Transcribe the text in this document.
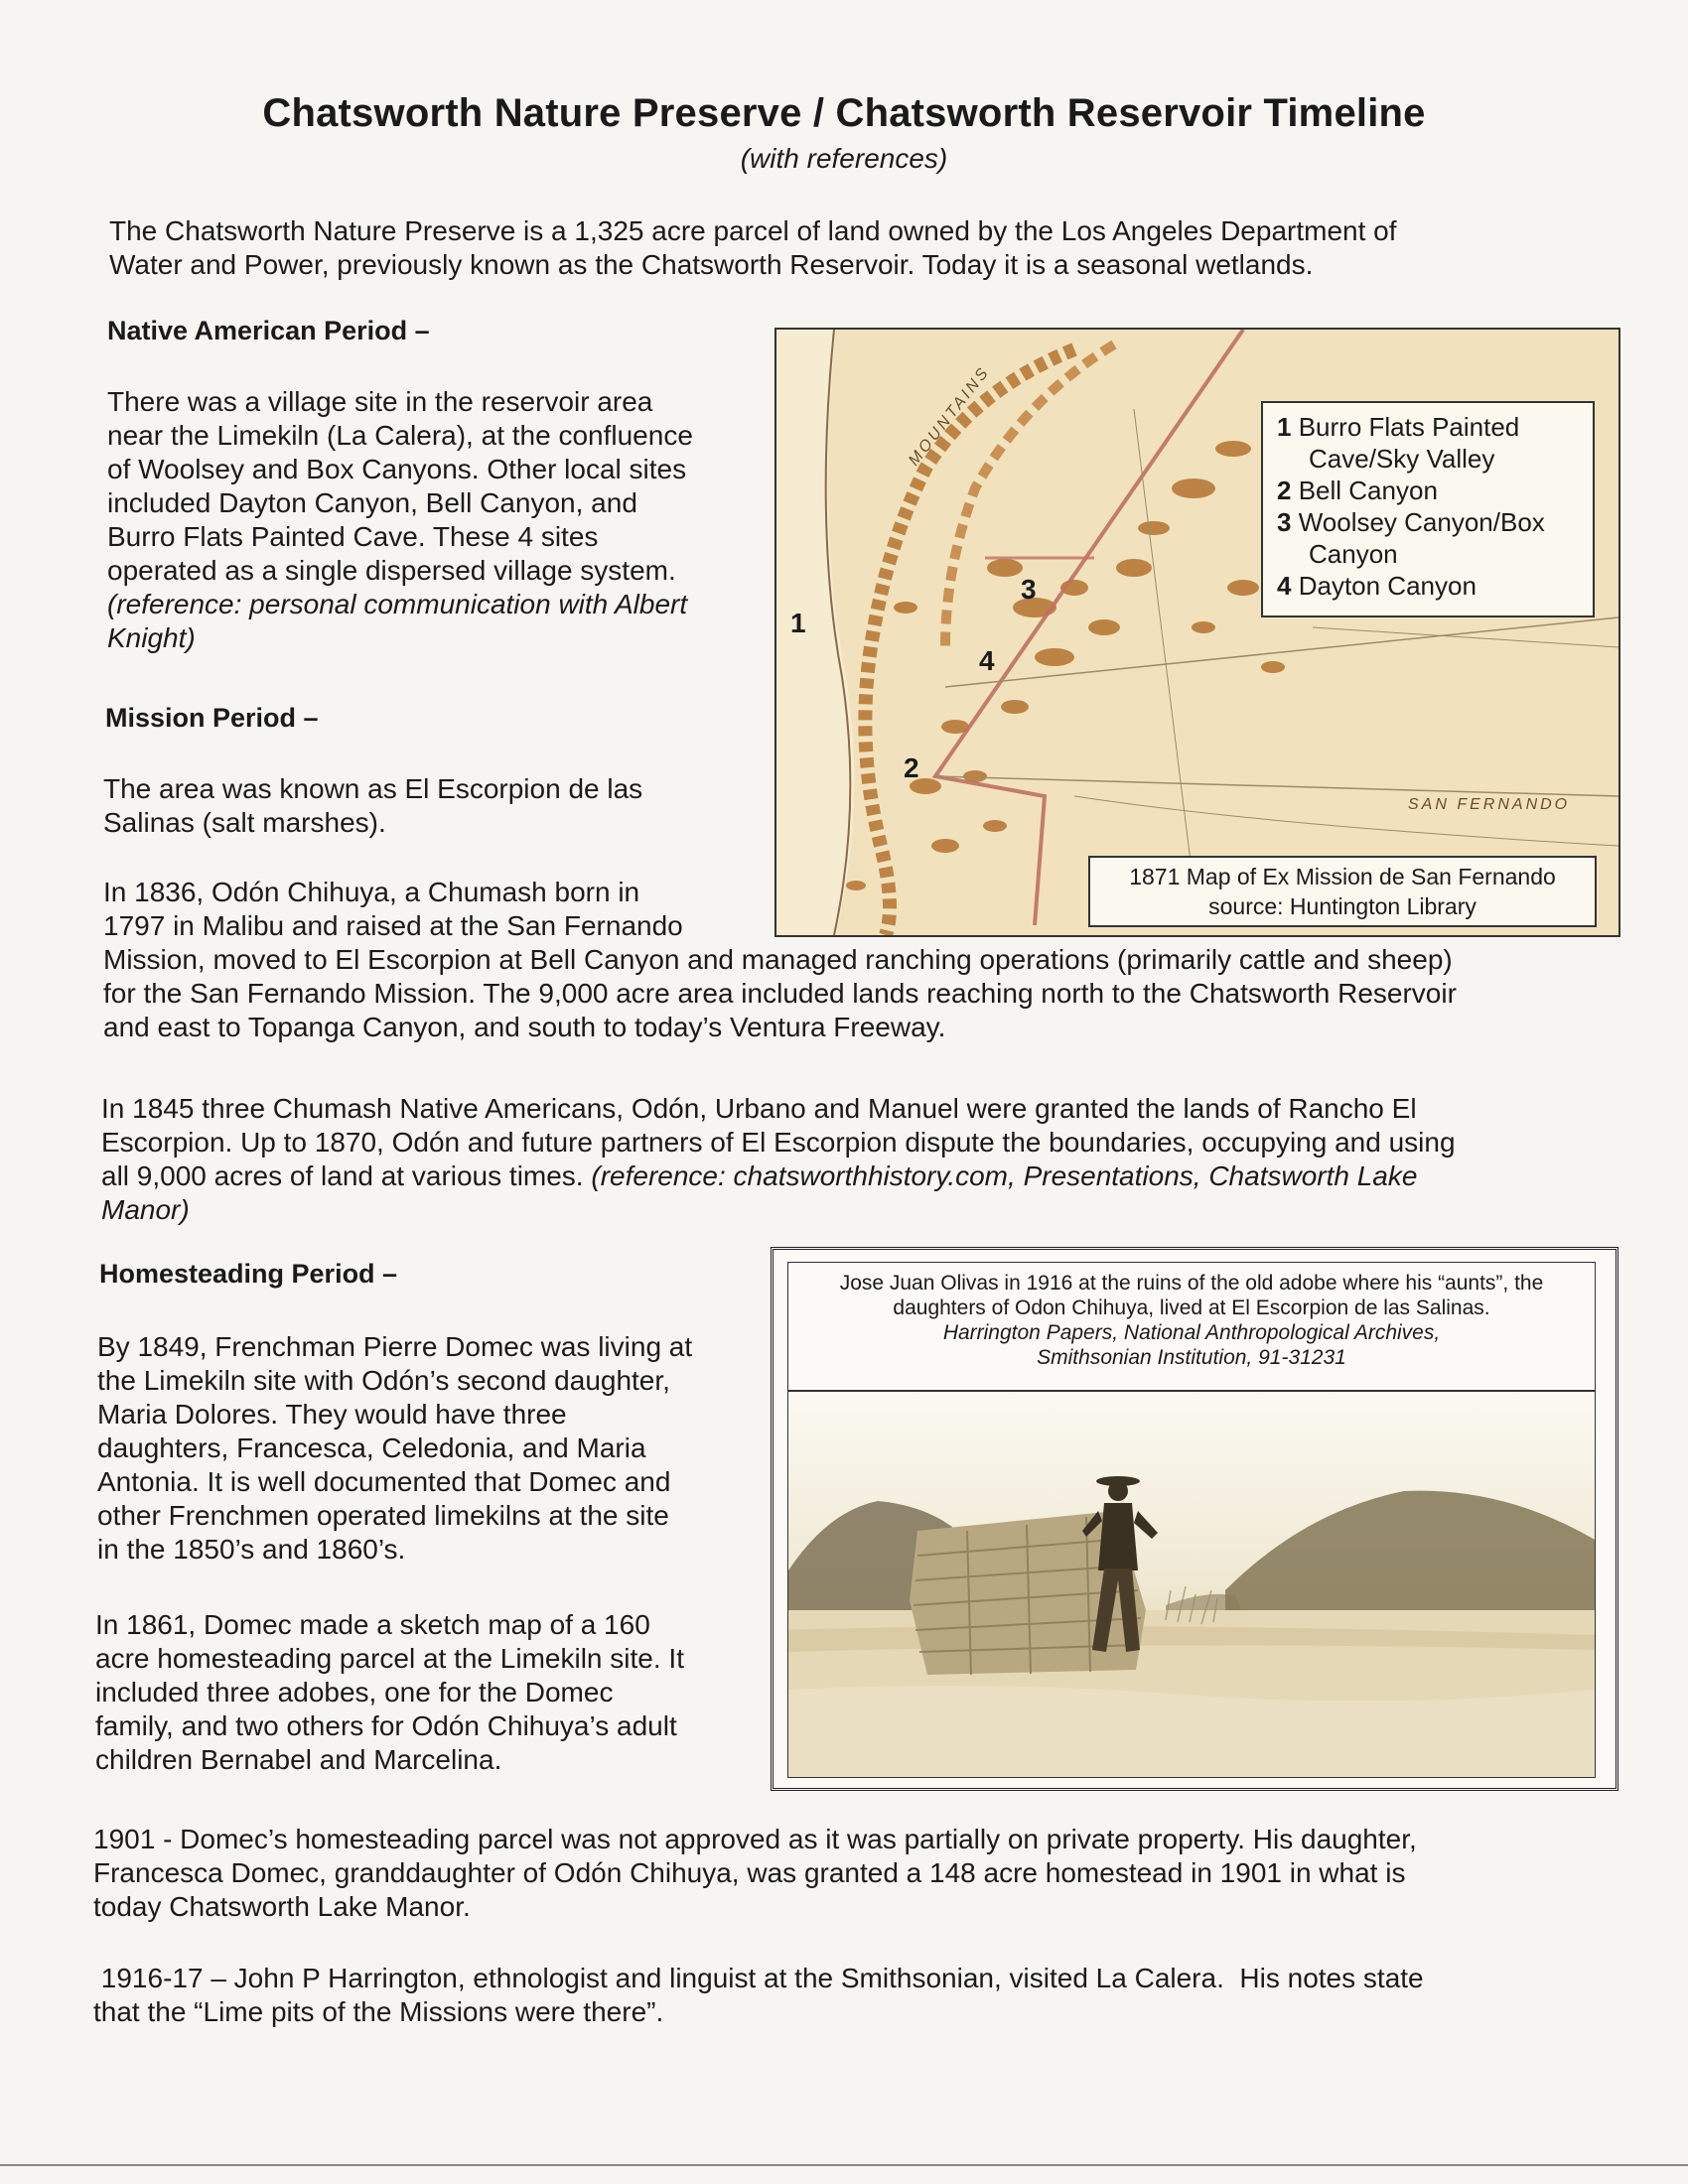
Chatsworth Nature Preserve / Chatsworth Reservoir Timeline
(with references)
The Chatsworth Nature Preserve is a 1,325 acre parcel of land owned by the Los Angeles Department of
Water and Power, previously known as the Chatsworth Reservoir. Today it is a seasonal wetlands.
Native American Period –
There was a village site in the reservoir area
near the Limekiln (La Calera), at the confluence
of Woolsey and Box Canyons. Other local sites
included Dayton Canyon, Bell Canyon, and
Burro Flats Painted Cave. These 4 sites
operated as a single dispersed village system.
(reference: personal communication with Albert
Knight)
Mission Period –
The area was known as El Escorpion de las
Salinas (salt marshes).
In 1836, Odón Chihuya, a Chumash born in
1797 in Malibu and raised at the San Fernando
Mission, moved to El Escorpion at Bell Canyon and managed ranching operations (primarily cattle and sheep)
for the San Fernando Mission. The 9,000 acre area included lands reaching north to the Chatsworth Reservoir
and east to Topanga Canyon, and south to today’s Ventura Freeway.
In 1845 three Chumash Native Americans, Odón, Urbano and Manuel were granted the lands of Rancho El
Escorpion. Up to 1870, Odón and future partners of El Escorpion dispute the boundaries, occupying and using
all 9,000 acres of land at various times. (reference: chatsworthhistory.com, Presentations, Chatsworth Lake
Manor)
Homesteading Period –
By 1849, Frenchman Pierre Domec was living at
the Limekiln site with Odón’s second daughter,
Maria Dolores. They would have three
daughters, Francesca, Celedonia, and Maria
Antonia. It is well documented that Domec and
other Frenchmen operated limekilns at the site
in the 1850’s and 1860’s.
In 1861, Domec made a sketch map of a 160
acre homesteading parcel at the Limekiln site. It
included three adobes, one for the Domec
family, and two others for Odón Chihuya’s adult
children Bernabel and Marcelina.
1901 - Domec’s homesteading parcel was not approved as it was partially on private property. His daughter,
Francesca Domec, granddaughter of Odón Chihuya, was granted a 148 acre homestead in 1901 in what is
today Chatsworth Lake Manor.
1916-17 – John P Harrington, ethnologist and linguist at the Smithsonian, visited La Calera.  His notes state
that the “Lime pits of the Missions were there”.
MOUNTAINS
SAN FERNANDO
1
2
3
4
1 Burro Flats Painted
Cave/Sky Valley
2 Bell Canyon
3 Woolsey Canyon/Box
Canyon
4 Dayton Canyon
1871 Map of Ex Mission de San Fernando
source: Huntington Library
Jose Juan Olivas in 1916 at the ruins of the old adobe where his “aunts”, the
daughters of Odon Chihuya, lived at El Escorpion de las Salinas.
Harrington Papers, National Anthropological Archives,
Smithsonian Institution, 91-31231
